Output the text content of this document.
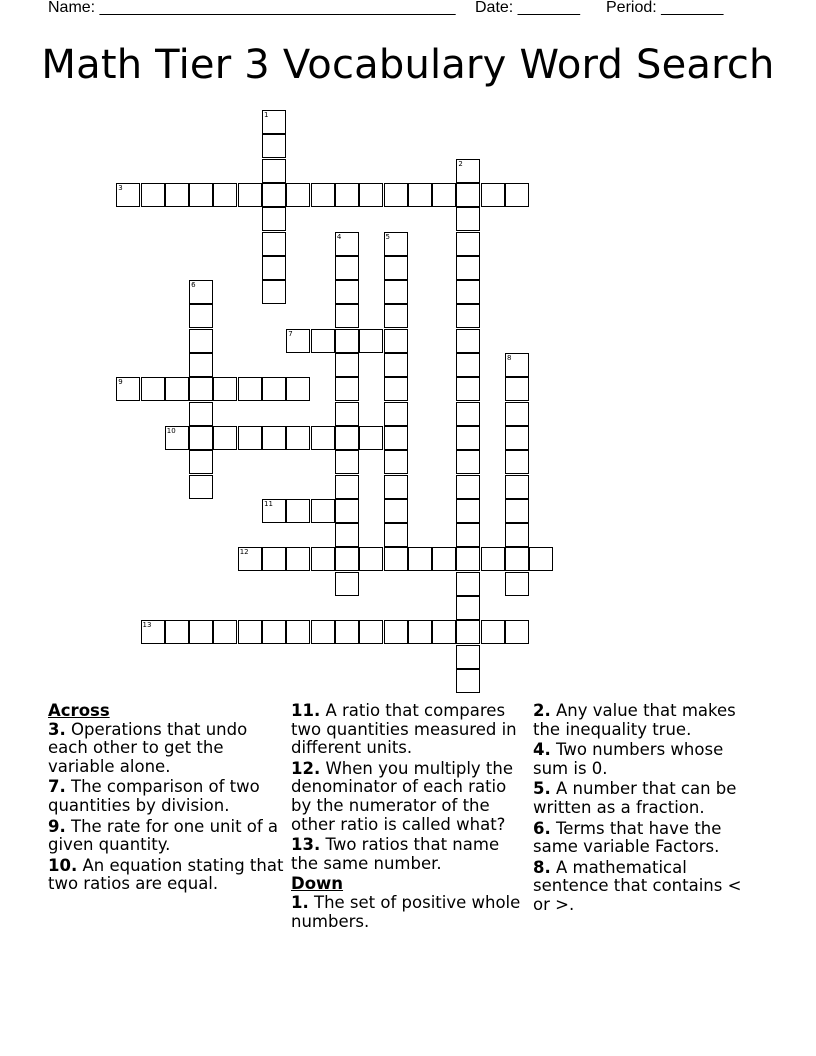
Name: ________________________________________ Date: _______ Period: _______
Math Tier 3 Vocabulary Word Search
1
2
3
4	5
6
7
8
9
10
11
12
13
Across
3. Operations that undo each other to get the variable alone.
7. The comparison of two quantities by division.
9. The rate for one unit of a given quantity.
10. An equation stating that two ratios are equal.
11. A ratio that compares two quantities measured in different units.
12. When you multiply the denominator of each ratio by the numerator of the other ratio is called what?
13. Two ratios that name the same number.
Down
1. The set of positive whole numbers.
2. Any value that makes the inequality true.
4. Two numbers whose sum is 0.
5. A number that can be written as a fraction.
6. Terms that have the same variable Factors.
8. A mathematical sentence that contains < or >.
